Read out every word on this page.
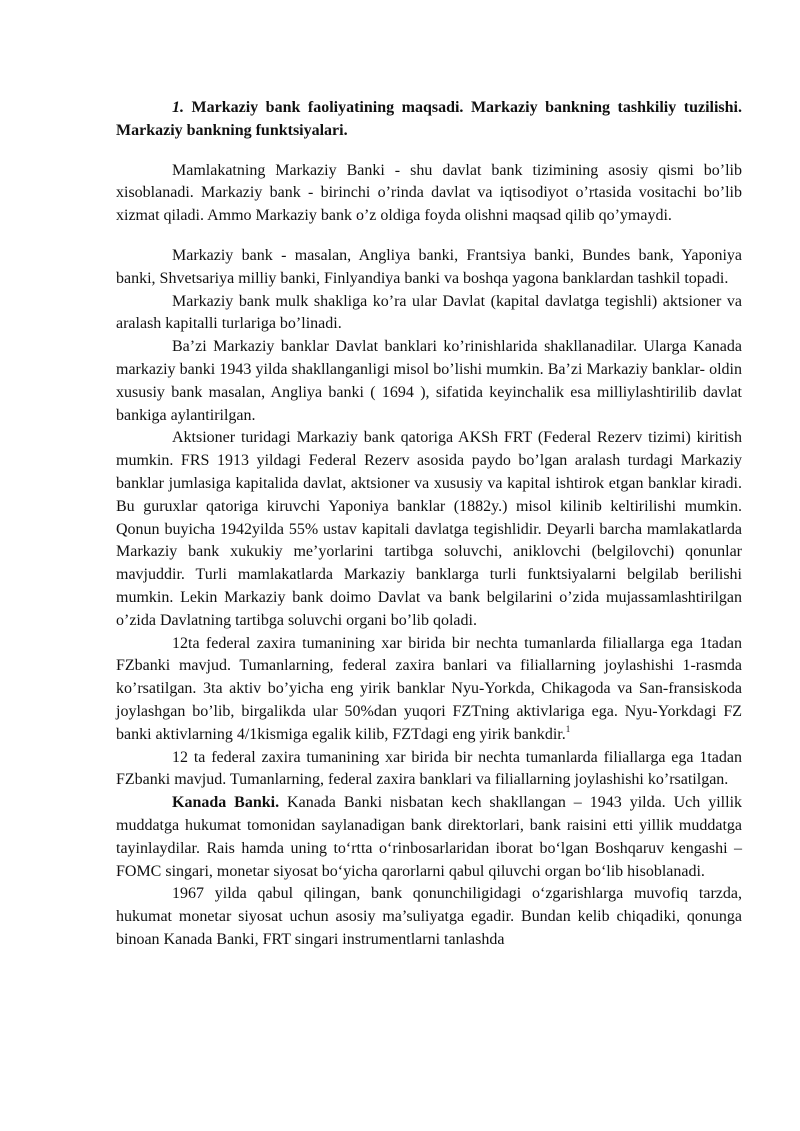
1. Markaziy bank faoliyatining maqsadi. Markaziy bankning tashkiliy tuzilishi. Markaziy bankning funktsiyalari.

Mamlakatning Markaziy Banki - shu davlat bank tizimining asosiy qismi bo’lib xisoblanadi. Markaziy bank - birinchi o’rinda davlat va iqtisodiyot o’rtasida vositachi bo’lib xizmat qiladi. Ammo Markaziy bank o’z oldiga foyda olishni maqsad qilib qo’ymaydi.

Markaziy bank - masalan, Angliya banki, Frantsiya banki, Bundes bank, Yaponiya banki, Shvetsariya milliy banki, Finlyandiya banki va boshqa yagona banklardan tashkil topadi.

Markaziy bank mulk shakliga ko’ra ular Davlat (kapital davlatga tegishli) aktsioner va aralash kapitalli turlariga bo’linadi.

Ba’zi Markaziy banklar Davlat banklari ko’rinishlarida shakllanadilar. Ularga Kanada markaziy banki 1943 yilda shakllanganligi misol bo’lishi mumkin. Ba’zi Markaziy banklar- oldin xususiy bank masalan, Angliya banki ( 1694 ), sifatida keyinchalik esa milliylashtirilib davlat bankiga aylantirilgan.

Aktsioner turidagi Markaziy bank qatoriga AKSh FRT (Federal Rezerv tizimi) kiritish mumkin. FRS 1913 yildagi Federal Rezerv asosida paydo bo’lgan aralash turdagi Markaziy banklar jumlasiga kapitalida davlat, aktsioner va xususiy va kapital ishtirok etgan banklar kiradi. Bu guruxlar qatoriga kiruvchi Yaponiya banklar (1882y.) misol kilinib keltirilishi mumkin. Qonun buyicha 1942yilda 55% ustav kapitali davlatga tegishlidir. Deyarli barcha mamlakatlarda Markaziy bank xukukiy me’yorlarini tartibga soluvchi, aniklovchi (belgilovchi) qonunlar mavjuddir. Turli mamlakatlarda Markaziy banklarga turli funktsiyalarni belgilab berilishi mumkin. Lekin Markaziy bank doimo Davlat va bank belgilarini o’zida mujassamlashtirilgan o’zida Davlatning tartibga soluvchi organi bo’lib qoladi.

12ta federal zaxira tumanining xar birida bir nechta tumanlarda filiallarga ega 1tadan FZbanki mavjud. Tumanlarning, federal zaxira banlari va filiallarning joylashishi 1-rasmda ko’rsatilgan. 3ta aktiv bo’yicha eng yirik banklar Nyu-Yorkda, Chikagoda va San-fransiskoda joylashgan bo’lib, birgalikda ular 50%dan yuqori FZTning aktivlariga ega. Nyu-Yorkdagi FZ banki aktivlarning 4/1kismiga egalik kilib, FZTdagi eng yirik bankdir.$^1$

12 ta federal zaxira tumanining xar birida bir nechta tumanlarda filiallarga ega 1tadan FZbanki mavjud. Tumanlarning, federal zaxira banklari va filiallarning joylashishi ko’rsatilgan.

Kanada Banki. Kanada Banki nisbatan kech shakllangan – 1943 yilda. Uch yillik muddatga hukumat tomonidan saylanadigan bank direktorlari, bank raisini etti yillik muddatga tayinlaydilar. Rais hamda uning to‘rtta o‘rinbosarlaridan iborat bo‘lgan Boshqaruv kengashi – FOMC singari, monetar siyosat bo‘yicha qarorlarni qabul qiluvchi organ bo‘lib hisoblanadi.

1967 yilda qabul qilingan, bank qonunchiligidagi o‘zgarishlarga muvofiq tarzda, hukumat monetar siyosat uchun asosiy ma’suliyatga egadir. Bundan kelib chiqadiki, qonunga binoan Kanada Banki, FRT singari instrumentlarni tanlashda
